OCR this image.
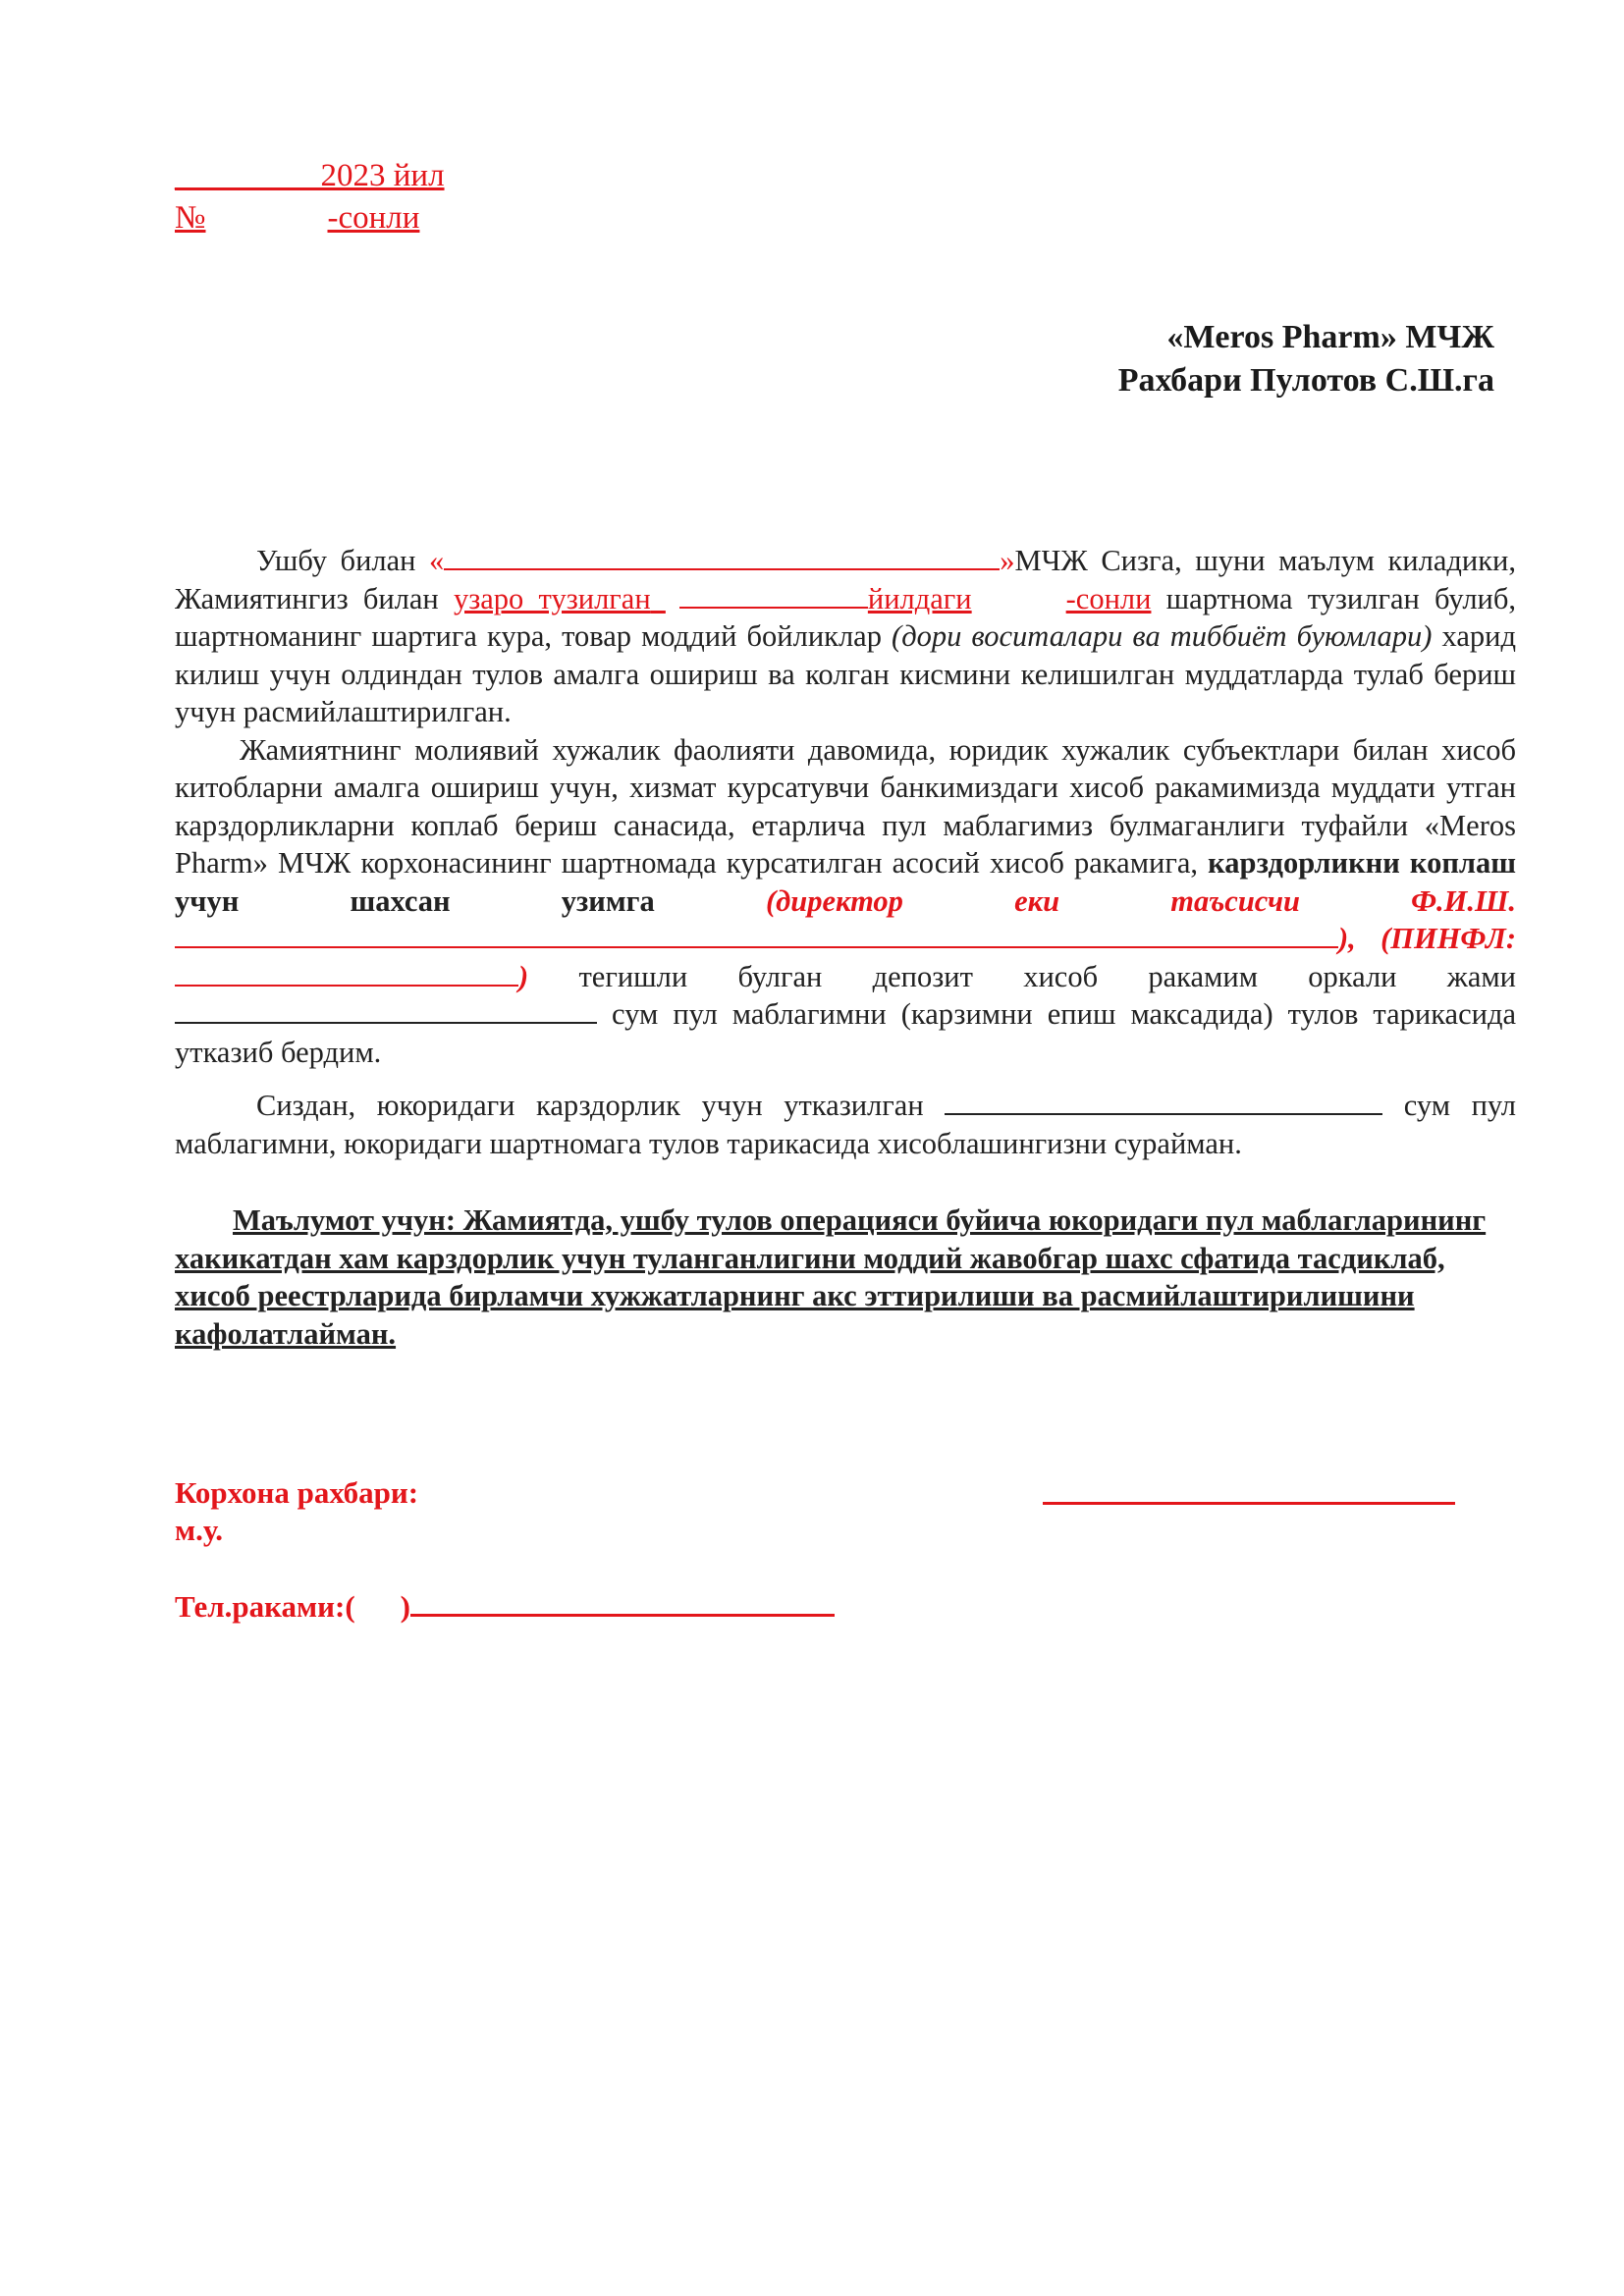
_________2023 йил
№	-сонли
«Meros Pharm» МЧЖ
Рахбари Пулотов С.Ш.га

Ушбу билан «	»МЧЖ Сизга, шуни маълум киладики, Жамиятингиз билан узаро тузилган	йилдаги	-сонли шартнома тузилган булиб, шартноманинг шартига кура, товар моддий бойликлар (дори воситалари ва тиббиёт буюмлари) харид килиш учун олдиндан тулов амалга ошириш ва колган кисмини келишилган муддатларда тулаб бериш учун расмийлаштирилган.

Жамиятнинг молиявий хужалик фаолияти давомида, юридик хужалик субъектлари билан хисоб китобларни амалга ошириш учун, хизмат курсатувчи банкимиздаги хисоб ракамимизда муддати утган карздорликларни коплаб бериш санасида, етарлича пул маблагимиз булмаганлиги туфайли «Meros Pharm» МЧЖ корхонасининг шартномада курсатилган асосий хисоб ракамига, карздорликни коплаш учун шахсан узимга	(директор еки таъсисчи Ф.И.Ш.), (ПИНФЛ:) тегишли булган депозит хисоб ракамим оркали жами  сум пул маблагимни (карзимни епиш максадида) тулов тарикасида утказиб бердим.

Сиздан, юкоридаги карздорлик учун утказилган	сум пул маблагимни, юкоридаги шартномага тулов тарикасида хисоблашингизни сурайман.

Маълумот учун: Жамиятда, ушбу тулов операцияси буйича юкоридаги пул маблагларининг хакикатдан хам карздорлик учун туланганлигини моддий жавобгар шахс сфатида тасдиклаб, хисоб реестрларида бирламчи хужжатларнинг акс эттирилиши ва расмийлаштирилишини кафолатлайман.

Корхона рахбари:
м.у.
Тел.раками:( )
